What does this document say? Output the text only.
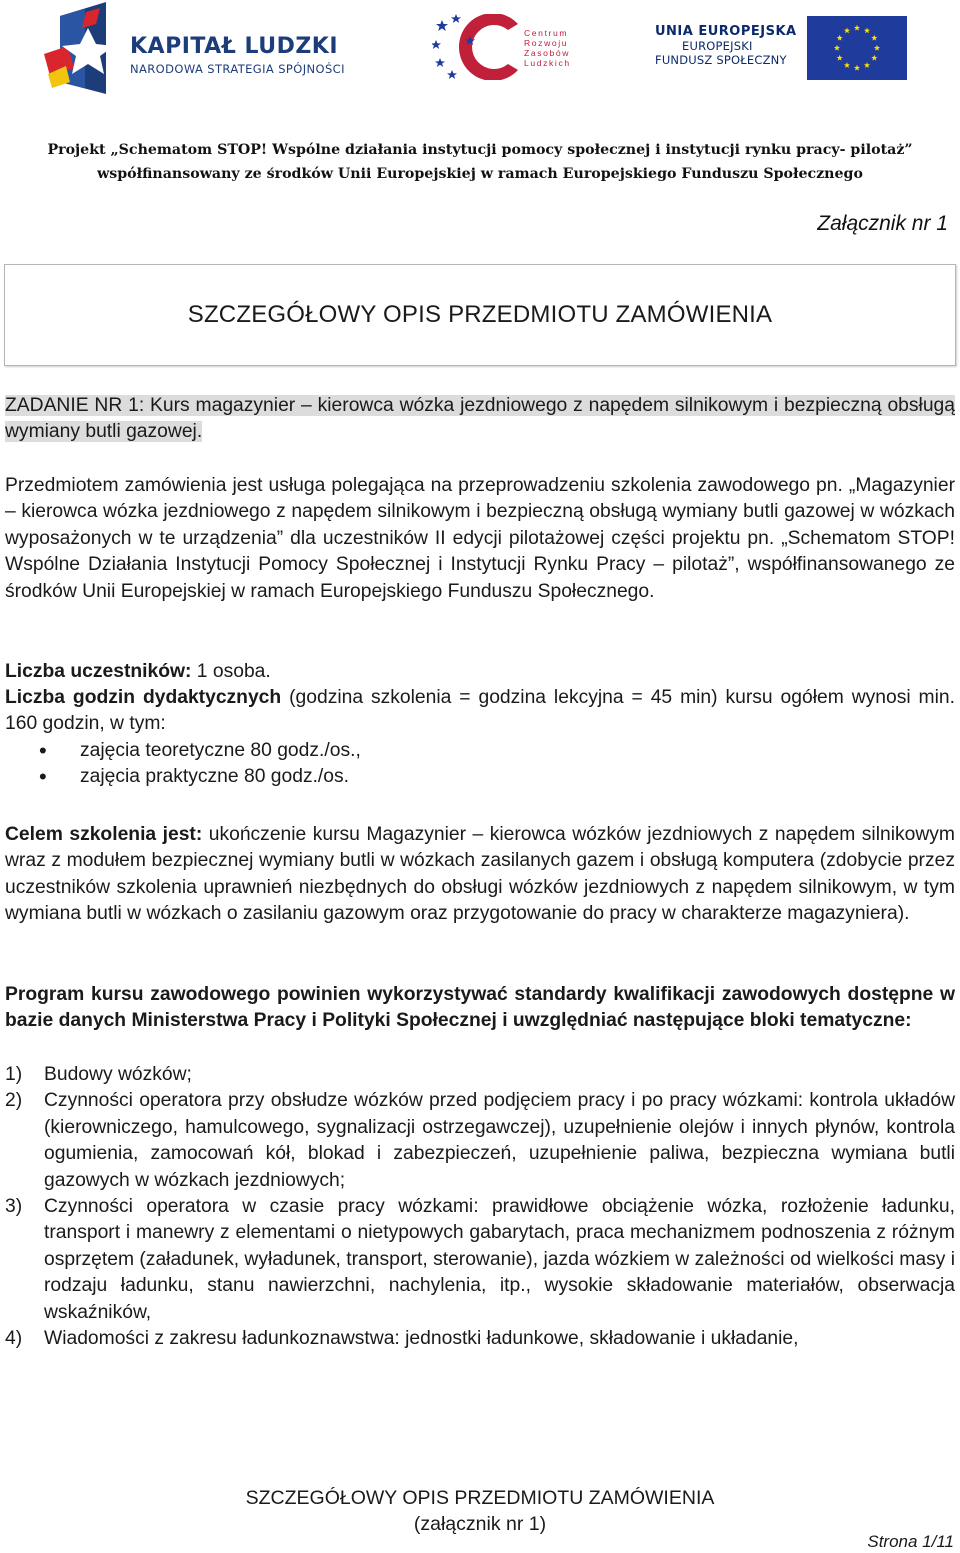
KAPITAŁ LUDZKI
NARODOWA STRATEGIA SPÓJNOŚCI
Centrum
Rozwoju
Zasobów
Ludzkich
UNIA EUROPEJSKA
EUROPEJSKI
FUNDUSZ SPOŁECZNY
Projekt „Schematom STOP! Wspólne działania instytucji pomocy społecznej i instytucji rynku pracy- pilotaż”
współfinansowany ze środków Unii Europejskiej w ramach Europejskiego Funduszu Społecznego
Załącznik nr 1
SZCZEGÓŁOWY OPIS PRZEDMIOTU ZAMÓWIENIA

ZADANIE NR 1: Kurs magazynier – kierowca wózka jezdniowego z napędem silnikowym i bezpieczną obsługą wymiany butli gazowej.

Przedmiotem zamówienia jest usługa polegająca na przeprowadzeniu szkolenia zawodowego pn. „Magazynier – kierowca wózka jezdniowego z napędem silnikowym i bezpieczną obsługą wymiany butli gazowej w wózkach wyposażonych w te urządzenia” dla uczestników II edycji pilotażowej części projektu pn. „Schematom STOP! Wspólne Działania Instytucji Pomocy Społecznej i Instytucji Rynku Pracy – pilotaż”, współfinansowanego ze środków Unii Europejskiej w ramach Europejskiego Funduszu Społecznego.
Liczba uczestników: 1 osoba.
Liczba godzin dydaktycznych (godzina szkolenia = godzina lekcyjna = 45 min) kursu ogółem wynosi min. 160 godzin, w tym:
• zajęcia teoretyczne 80 godz./os.,
• zajęcia praktyczne 80 godz./os.
Celem szkolenia jest: ukończenie kursu Magazynier – kierowca wózków jezdniowych z napędem silnikowym wraz z modułem bezpiecznej wymiany butli w wózkach zasilanych gazem i obsługą komputera (zdobycie przez uczestników szkolenia uprawnień niezbędnych do obsługi wózków jezdniowych z napędem silnikowym, w tym wymiana butli w wózkach o zasilaniu gazowym oraz przygotowanie do pracy w charakterze magazyniera).
Program kursu zawodowego powinien wykorzystywać standardy kwalifikacji zawodowych dostępne w bazie danych Ministerstwa Pracy i Polityki Społecznej i uwzględniać następujące bloki tematyczne:
1) Budowy wózków;
2) Czynności operatora przy obsłudze wózków przed podjęciem pracy i po pracy wózkami: kontrola układów (kierowniczego, hamulcowego, sygnalizacji ostrzegawczej), uzupełnienie olejów i innych płynów, kontrola ogumienia, zamocowań kół, blokad i zabezpieczeń, uzupełnienie paliwa, bezpieczna wymiana butli gazowych w wózkach jezdniowych;
3) Czynności operatora w czasie pracy wózkami: prawidłowe obciążenie wózka, rozłożenie ładunku, transport i manewry z elementami o nietypowych gabarytach, praca mechanizmem podnoszenia z różnym osprzętem (załadunek, wyładunek, transport, sterowanie), jazda wózkiem w zależności od wielkości masy i rodzaju ładunku, stanu nawierzchni, nachylenia, itp., wysokie składowanie materiałów, obserwacja wskaźników,
4) Wiadomości z zakresu ładunkoznawstwa: jednostki ładunkowe, składowanie i układanie,
SZCZEGÓŁOWY OPIS PRZEDMIOTU ZAMÓWIENIA
(załącznik nr 1)
Strona 1/11
